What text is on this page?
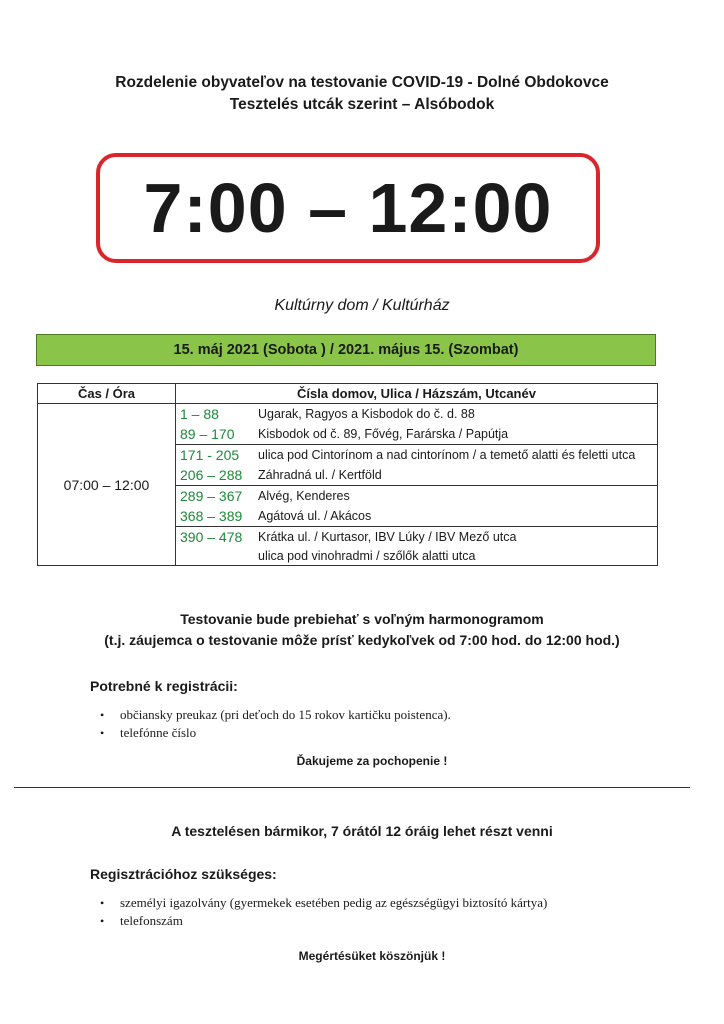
Rozdelenie obyvateľov na testovanie COVID-19 - Dolné Obdokovce
Tesztelés utcák szerint – Alsóbodok
7:00 – 12:00
Kultúrny dom / Kultúrház
15. máj 2021 (Sobota ) / 2021. május 15. (Szombat)
Čas / Óra	Čísla domov, Ulica / Házszám, Utcanév
07:00 – 12:00	1 – 88 Ugarak, Ragyos a Kisbodok do č. d. 88
89 – 170 Kisbodok od č. 89, Fővég, Farárska / Papútja

	171 - 205 ulica pod Cintorínom a nad cintorínom / a temető alatti és feletti utca
206 – 288 Záhradná ul. / Kertföld

	289 – 367 Alvég, Kenderes
368 – 389 Agátová ul. / Akácos

	390 – 478 Krátka ul. / Kurtasor, IBV Lúky / IBV Mező utca
ulica pod vinohradmi / szőlők alatti utca
Testovanie bude prebiehať s voľným harmonogramom
(t.j. záujemca o testovanie môže prísť kedykoľvek od 7:00 hod. do 12:00 hod.)
Potrebné k registrácii:
•	občiansky preukaz (pri deťoch do 15 rokov kartičku poistenca).
•	telefónne číslo
Ďakujeme za pochopenie !
A tesztelésen bármikor, 7 órától 12 óráig lehet részt venni
Regisztrációhoz szükséges:
•	személyi igazolvány (gyermekek esetében pedig az egészségügyi biztosító kártya)
•	telefonszám
Megértésüket köszönjük !
